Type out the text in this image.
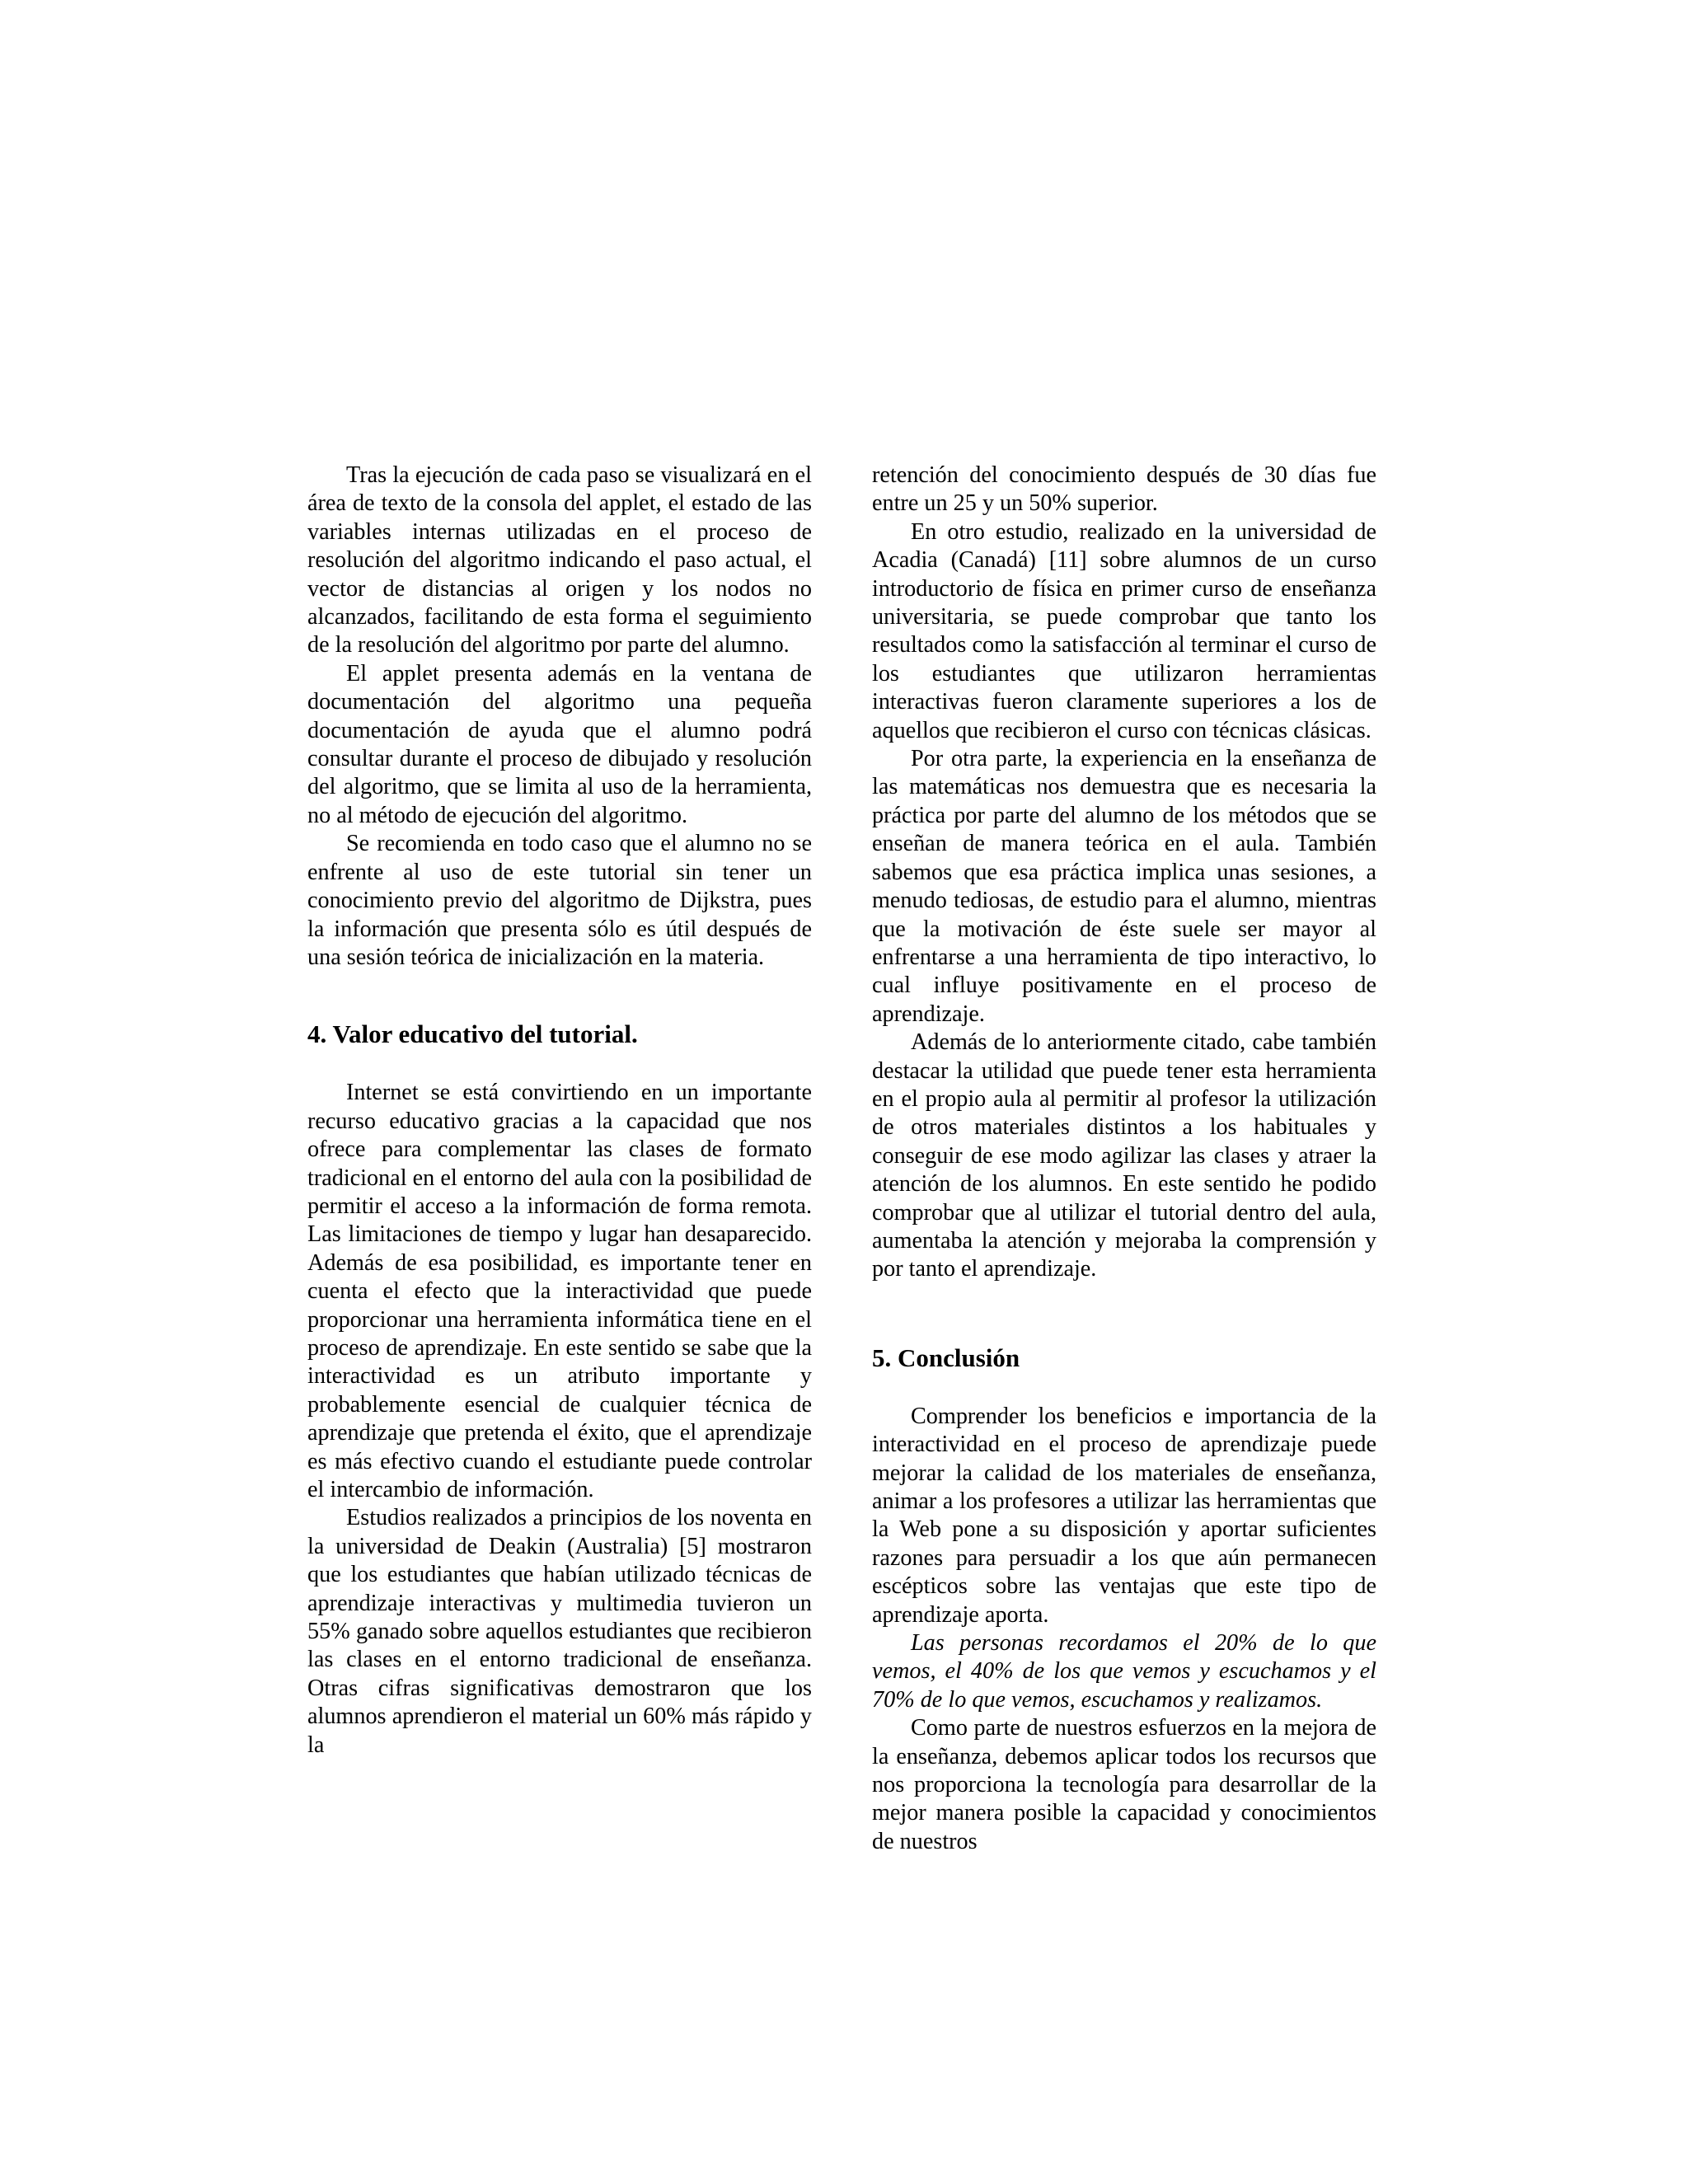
Tras la ejecución de cada paso se visualizará en el área de texto de la consola del applet, el estado de las variables internas utilizadas en el proceso de resolución del algoritmo indicando el paso actual, el vector de distancias al origen y los nodos no alcanzados, facilitando de esta forma el seguimiento de la resolución del algoritmo por parte del alumno.

El applet presenta además en la ventana de documentación del algoritmo una pequeña documentación de ayuda que el alumno podrá consultar durante el proceso de dibujado y resolución del algoritmo, que se limita al uso de la herramienta, no al método de ejecución del algoritmo.

Se recomienda en todo caso que el alumno no se enfrente al uso de este tutorial sin tener un conocimiento previo del algoritmo de Dijkstra, pues la información que presenta sólo es útil después de una sesión teórica de inicialización en la materia.

4. Valor educativo del tutorial.

Internet se está convirtiendo en un importante recurso educativo gracias a la capacidad que nos ofrece para complementar las clases de formato tradicional en el entorno del aula con la posibilidad de permitir el acceso a la información de forma remota. Las limitaciones de tiempo y lugar han desaparecido. Además de esa posibilidad, es importante tener en cuenta el efecto que la interactividad que puede proporcionar una herramienta informática tiene en el proceso de aprendizaje. En este sentido se sabe que la interactividad es un atributo importante y probablemente esencial de cualquier técnica de aprendizaje que pretenda el éxito, que el aprendizaje es más efectivo cuando el estudiante puede controlar el intercambio de información.

Estudios realizados a principios de los noventa en la universidad de Deakin (Australia) [5] mostraron que los estudiantes que habían utilizado técnicas de aprendizaje interactivas y multimedia tuvieron un 55% ganado sobre aquellos estudiantes que recibieron las clases en el entorno tradicional de enseñanza. Otras cifras significativas demostraron que los alumnos aprendieron el material un 60% más rápido y la

retención del conocimiento después de 30 días fue entre un 25 y un 50% superior.

En otro estudio, realizado en la universidad de Acadia (Canadá) [11] sobre alumnos de un curso introductorio de física en primer curso de enseñanza universitaria, se puede comprobar que tanto los resultados como la satisfacción al terminar el curso de los estudiantes que utilizaron herramientas interactivas fueron claramente superiores a los de aquellos que recibieron el curso con técnicas clásicas.

Por otra parte, la experiencia en la enseñanza de las matemáticas nos demuestra que es necesaria la práctica por parte del alumno de los métodos que se enseñan de manera teórica en el aula. También sabemos que esa práctica implica unas sesiones, a menudo tediosas, de estudio para el alumno, mientras que la motivación de éste suele ser mayor al enfrentarse a una herramienta de tipo interactivo, lo cual influye positivamente en el proceso de aprendizaje.

Además de lo anteriormente citado, cabe también destacar la utilidad que puede tener esta herramienta en el propio aula al permitir al profesor la utilización de otros materiales distintos a los habituales y conseguir de ese modo agilizar las clases y atraer la atención de los alumnos. En este sentido he podido comprobar que al utilizar el tutorial dentro del aula, aumentaba la atención y mejoraba la comprensión y por tanto el aprendizaje.

5. Conclusión

Comprender los beneficios e importancia de la interactividad en el proceso de aprendizaje puede mejorar la calidad de los materiales de enseñanza, animar a los profesores a utilizar las herramientas que la Web pone a su disposición y aportar suficientes razones para persuadir a los que aún permanecen escépticos sobre las ventajas que este tipo de aprendizaje aporta.

Las personas recordamos el 20% de lo que vemos, el 40% de los que vemos y escuchamos y el 70% de lo que vemos, escuchamos y realizamos.

Como parte de nuestros esfuerzos en la mejora de la enseñanza, debemos aplicar todos los recursos que nos proporciona la tecnología para desarrollar de la mejor manera posible la capacidad y conocimientos de nuestros
